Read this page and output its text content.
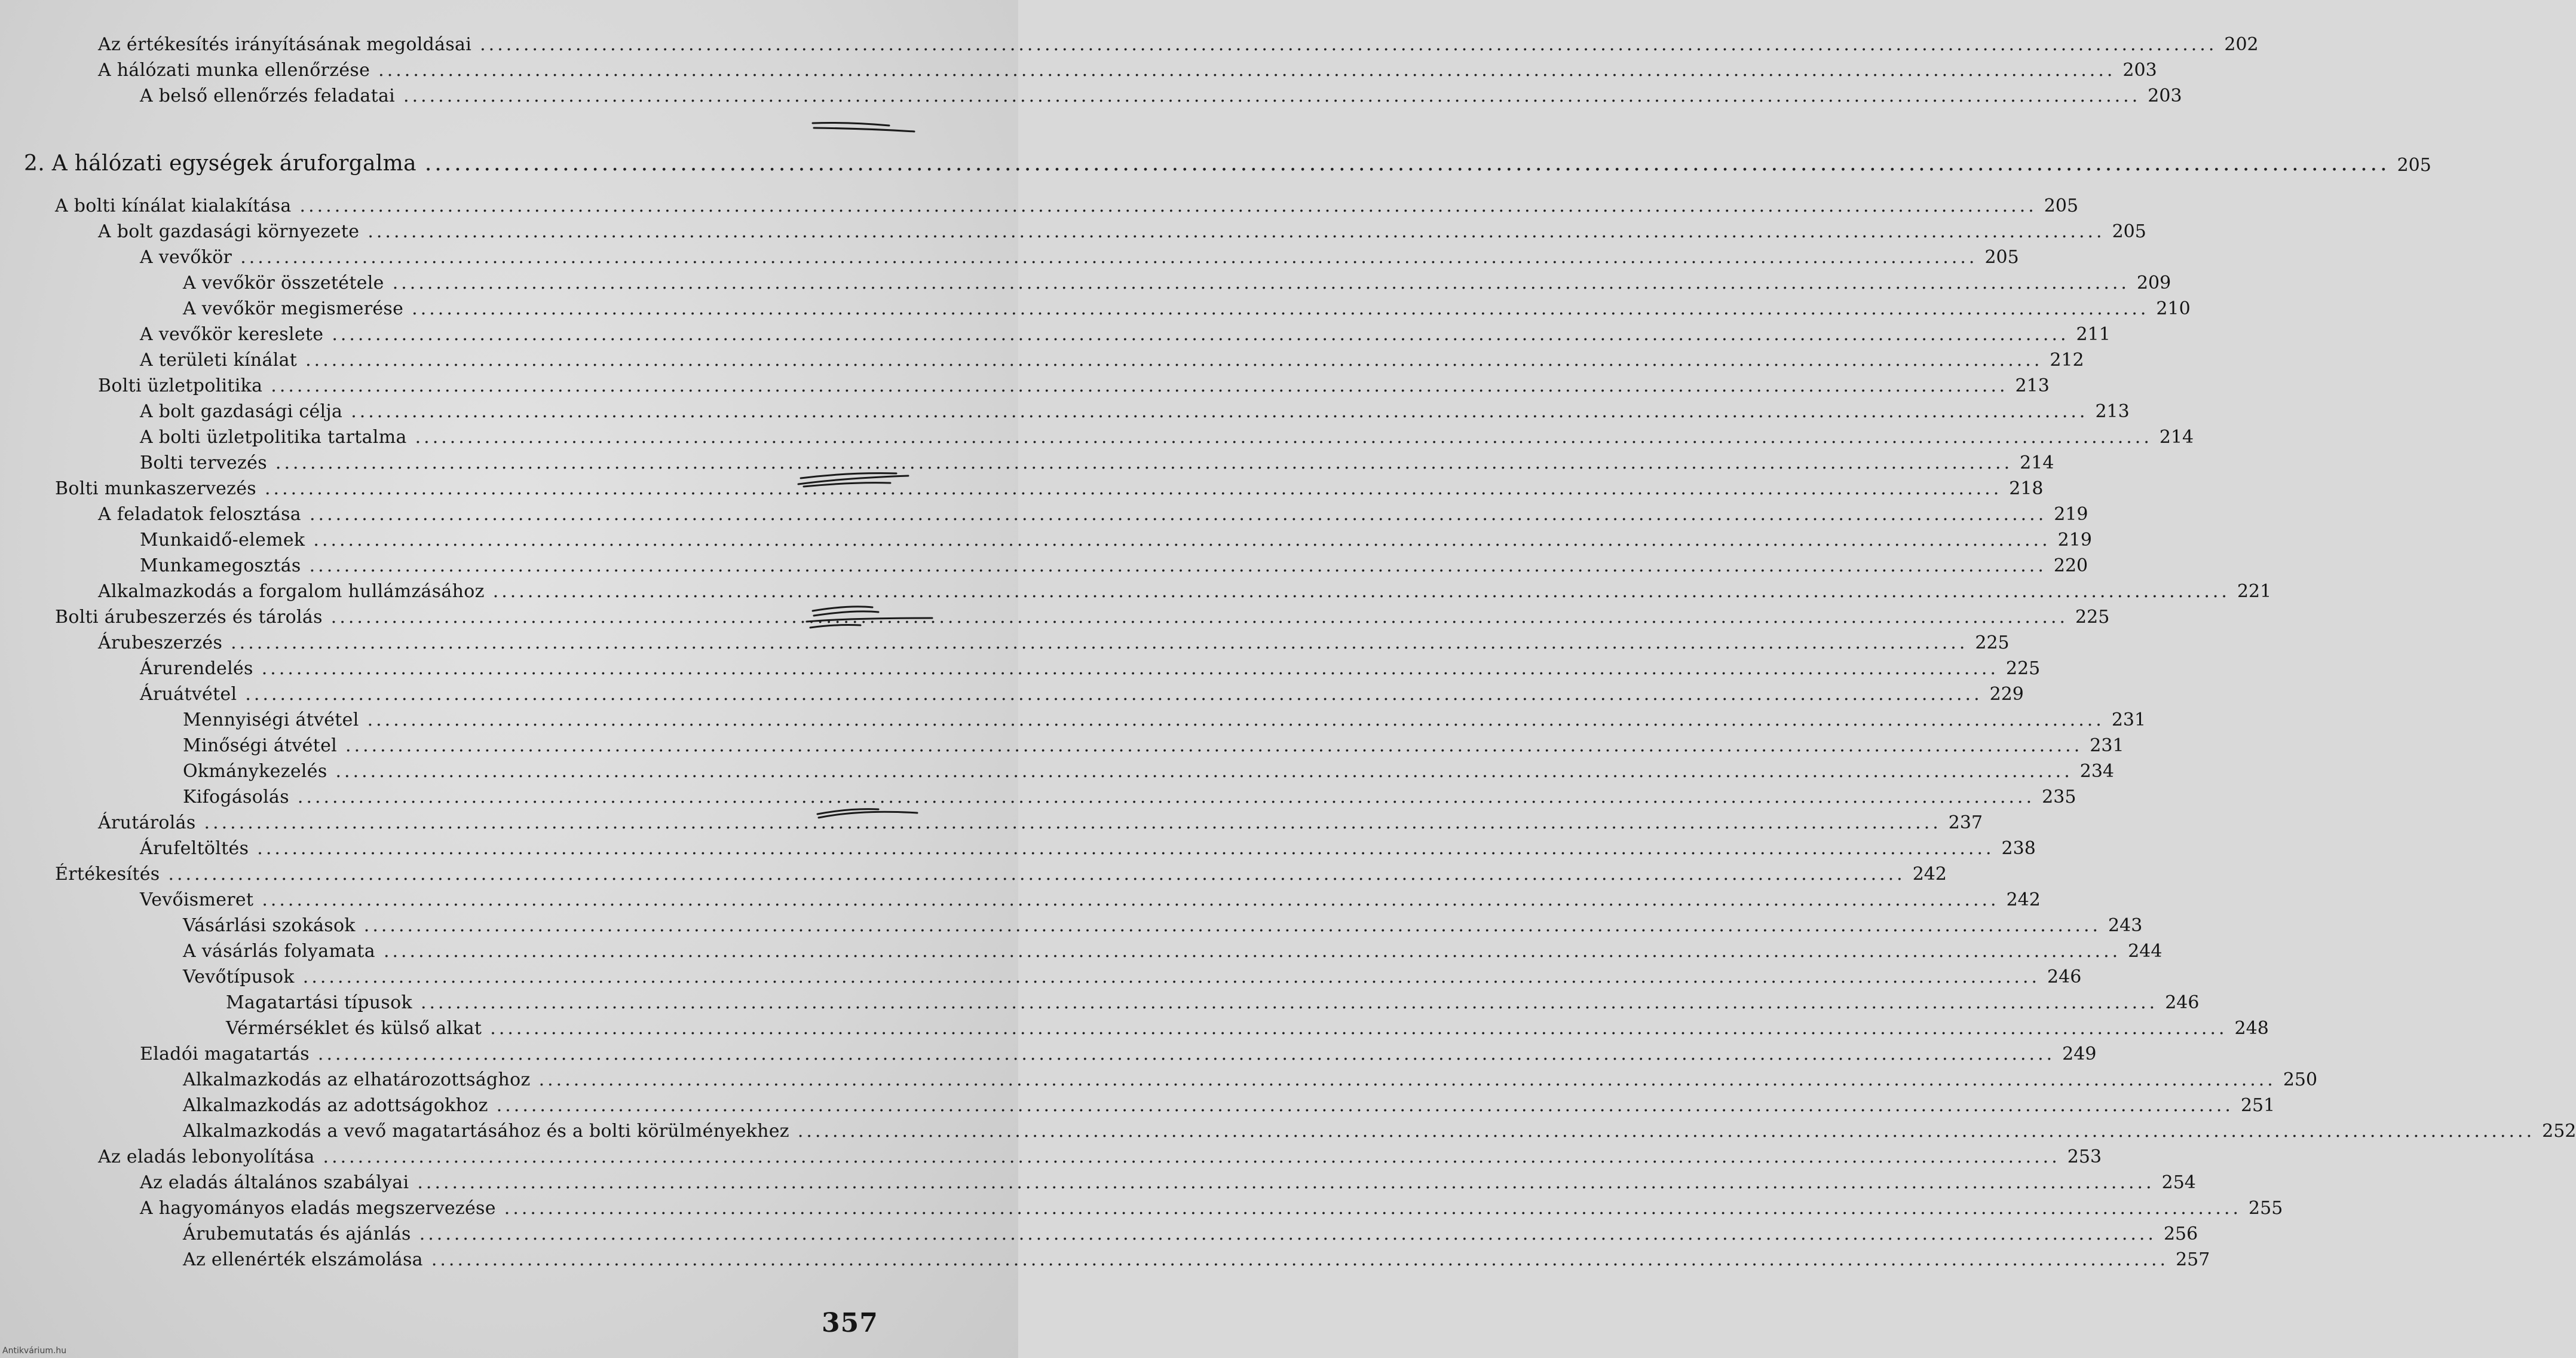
Az értékesítés irányításának megoldásai ........................................................................................................................................................................................................ 202
A hálózati munka ellenőrzése ........................................................................................................................................................................................................ 203
A belső ellenőrzés feladatai ........................................................................................................................................................................................................ 203
2. A hálózati egységek áruforgalma ........................................................................................................................................................................................................ 205
A bolti kínálat kialakítása ........................................................................................................................................................................................................ 205
A bolt gazdasági környezete ........................................................................................................................................................................................................ 205
A vevőkör ........................................................................................................................................................................................................ 205
A vevőkör összetétele ........................................................................................................................................................................................................ 209
A vevőkör megismerése ........................................................................................................................................................................................................ 210
A vevőkör kereslete ........................................................................................................................................................................................................ 211
A területi kínálat ........................................................................................................................................................................................................ 212
Bolti üzletpolitika ........................................................................................................................................................................................................ 213
A bolt gazdasági célja ........................................................................................................................................................................................................ 213
A bolti üzletpolitika tartalma ........................................................................................................................................................................................................ 214
Bolti tervezés ........................................................................................................................................................................................................ 214
Bolti munkaszervezés ........................................................................................................................................................................................................ 218
A feladatok felosztása ........................................................................................................................................................................................................ 219
Munkaidő-elemek ........................................................................................................................................................................................................ 219
Munkamegosztás ........................................................................................................................................................................................................ 220
Alkalmazkodás a forgalom hullámzásához ........................................................................................................................................................................................................ 221
Bolti árubeszerzés és tárolás ........................................................................................................................................................................................................ 225
Árubeszerzés ........................................................................................................................................................................................................ 225
Árurendelés ........................................................................................................................................................................................................ 225
Áruátvétel ........................................................................................................................................................................................................ 229
Mennyiségi átvétel ........................................................................................................................................................................................................ 231
Minőségi átvétel ........................................................................................................................................................................................................ 231
Okmánykezelés ........................................................................................................................................................................................................ 234
Kifogásolás ........................................................................................................................................................................................................ 235
Árutárolás ........................................................................................................................................................................................................ 237
Árufeltöltés ........................................................................................................................................................................................................ 238
Értékesítés ........................................................................................................................................................................................................ 242
Vevőismeret ........................................................................................................................................................................................................ 242
Vásárlási szokások ........................................................................................................................................................................................................ 243
A vásárlás folyamata ........................................................................................................................................................................................................ 244
Vevőtípusok ........................................................................................................................................................................................................ 246
Magatartási típusok ........................................................................................................................................................................................................ 246
Vérmérséklet és külső alkat ........................................................................................................................................................................................................ 248
Eladói magatartás ........................................................................................................................................................................................................ 249
Alkalmazkodás az elhatározottsághoz ........................................................................................................................................................................................................ 250
Alkalmazkodás az adottságokhoz ........................................................................................................................................................................................................ 251
Alkalmazkodás a vevő magatartásához és a bolti körülményekhez ........................................................................................................................................................................................................ 252
Az eladás lebonyolítása ........................................................................................................................................................................................................ 253
Az eladás általános szabályai ........................................................................................................................................................................................................ 254
A hagyományos eladás megszervezése ........................................................................................................................................................................................................ 255
Árubemutatás és ajánlás ........................................................................................................................................................................................................ 256
Az ellenérték elszámolása ........................................................................................................................................................................................................ 257
357
Antikvárium.hu
